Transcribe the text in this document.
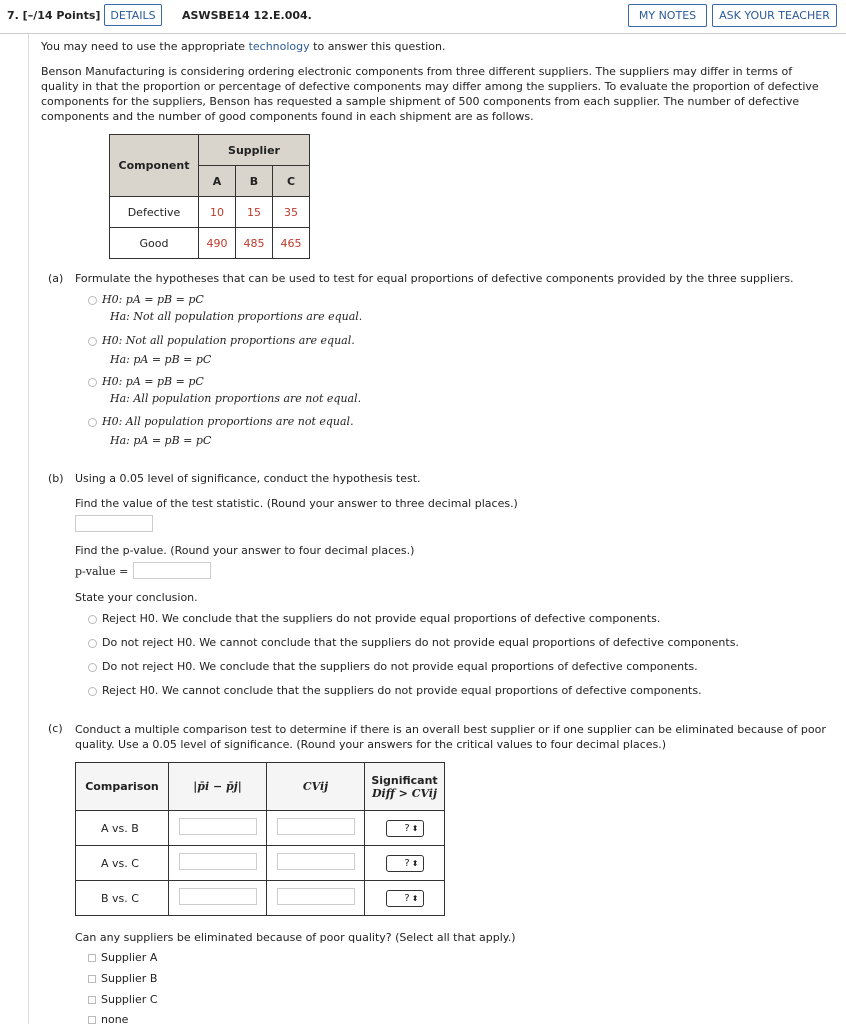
7. [–/14 Points] DETAILS	ASWSBE14 12.E.004.	MY NOTES	ASK YOUR TEACHER
You may need to use the appropriate technology to answer this question.
Benson Manufacturing is considering ordering electronic components from three different suppliers. The suppliers may differ in terms of quality in that the proportion or percentage of defective components may differ among the suppliers. To evaluate the proportion of defective components for the suppliers, Benson has requested a sample shipment of 500 components from each supplier. The number of defective components and the number of good components found in each shipment are as follows.
Component	Supplier		
	A	B	C
Defective	10	15	35
Good	490	485	465
(a) Formulate the hypotheses that can be used to test for equal proportions of defective components provided by the three suppliers.
H0: pA = pB = pC
Ha: Not all population proportions are equal.
H0: Not all population proportions are equal.
Ha: pA = pB = pC
H0: pA = pB = pC
Ha: All population proportions are not equal.
H0: All population proportions are not equal.
Ha: pA = pB = pC
(b) Using a 0.05 level of significance, conduct the hypothesis test.
Find the value of the test statistic. (Round your answer to three decimal places.)
Find the p-value. (Round your answer to four decimal places.)
p-value =
State your conclusion.
Reject H0. We conclude that the suppliers do not provide equal proportions of defective components.
Do not reject H0. We cannot conclude that the suppliers do not provide equal proportions of defective components.
Do not reject H0. We conclude that the suppliers do not provide equal proportions of defective components.
Reject H0. We cannot conclude that the suppliers do not provide equal proportions of defective components.
(c) Conduct a multiple comparison test to determine if there is an overall best supplier or if one supplier can be eliminated because of poor quality. Use a 0.05 level of significance. (Round your answers for the critical values to four decimal places.)
Comparison	|p̄i − p̄j|	CVij	Significant
Diff > CVij

A vs. B			? ⬍

A vs. C			? ⬍

B vs. C			? ⬍
Can any suppliers be eliminated because of poor quality? (Select all that apply.)
Supplier A
Supplier B
Supplier C
none
